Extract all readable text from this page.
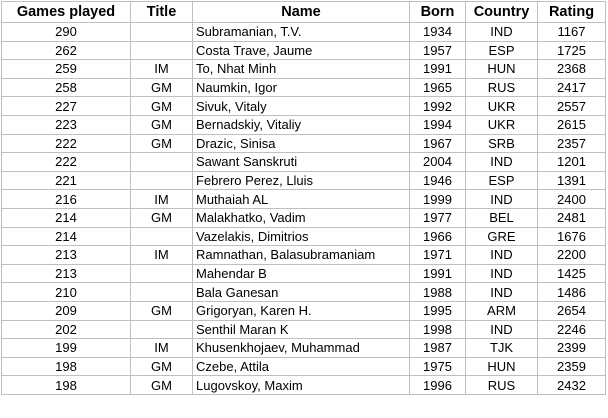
Games played	Title	Name	Born	Country	Rating
290		Subramanian, T.V.	1934	IND	1167
262		Costa Trave, Jaume	1957	ESP	1725
259	IM	To, Nhat Minh	1991	HUN	2368
258	GM	Naumkin, Igor	1965	RUS	2417
227	GM	Sivuk, Vitaly	1992	UKR	2557
223	GM	Bernadskiy, Vitaliy	1994	UKR	2615
222	GM	Drazic, Sinisa	1967	SRB	2357
222		Sawant Sanskruti	2004	IND	1201
221		Febrero Perez, Lluis	1946	ESP	1391
216	IM	Muthaiah AL	1999	IND	2400
214	GM	Malakhatko, Vadim	1977	BEL	2481
214		Vazelakis, Dimitrios	1966	GRE	1676
213	IM	Ramnathan, Balasubramaniam	1971	IND	2200
213		Mahendar B	1991	IND	1425
210		Bala Ganesan	1988	IND	1486
209	GM	Grigoryan, Karen H.	1995	ARM	2654
202		Senthil Maran K	1998	IND	2246
199	IM	Khusenkhojaev, Muhammad	1987	TJK	2399
198	GM	Czebe, Attila	1975	HUN	2359
198	GM	Lugovskoy, Maxim	1996	RUS	2432
